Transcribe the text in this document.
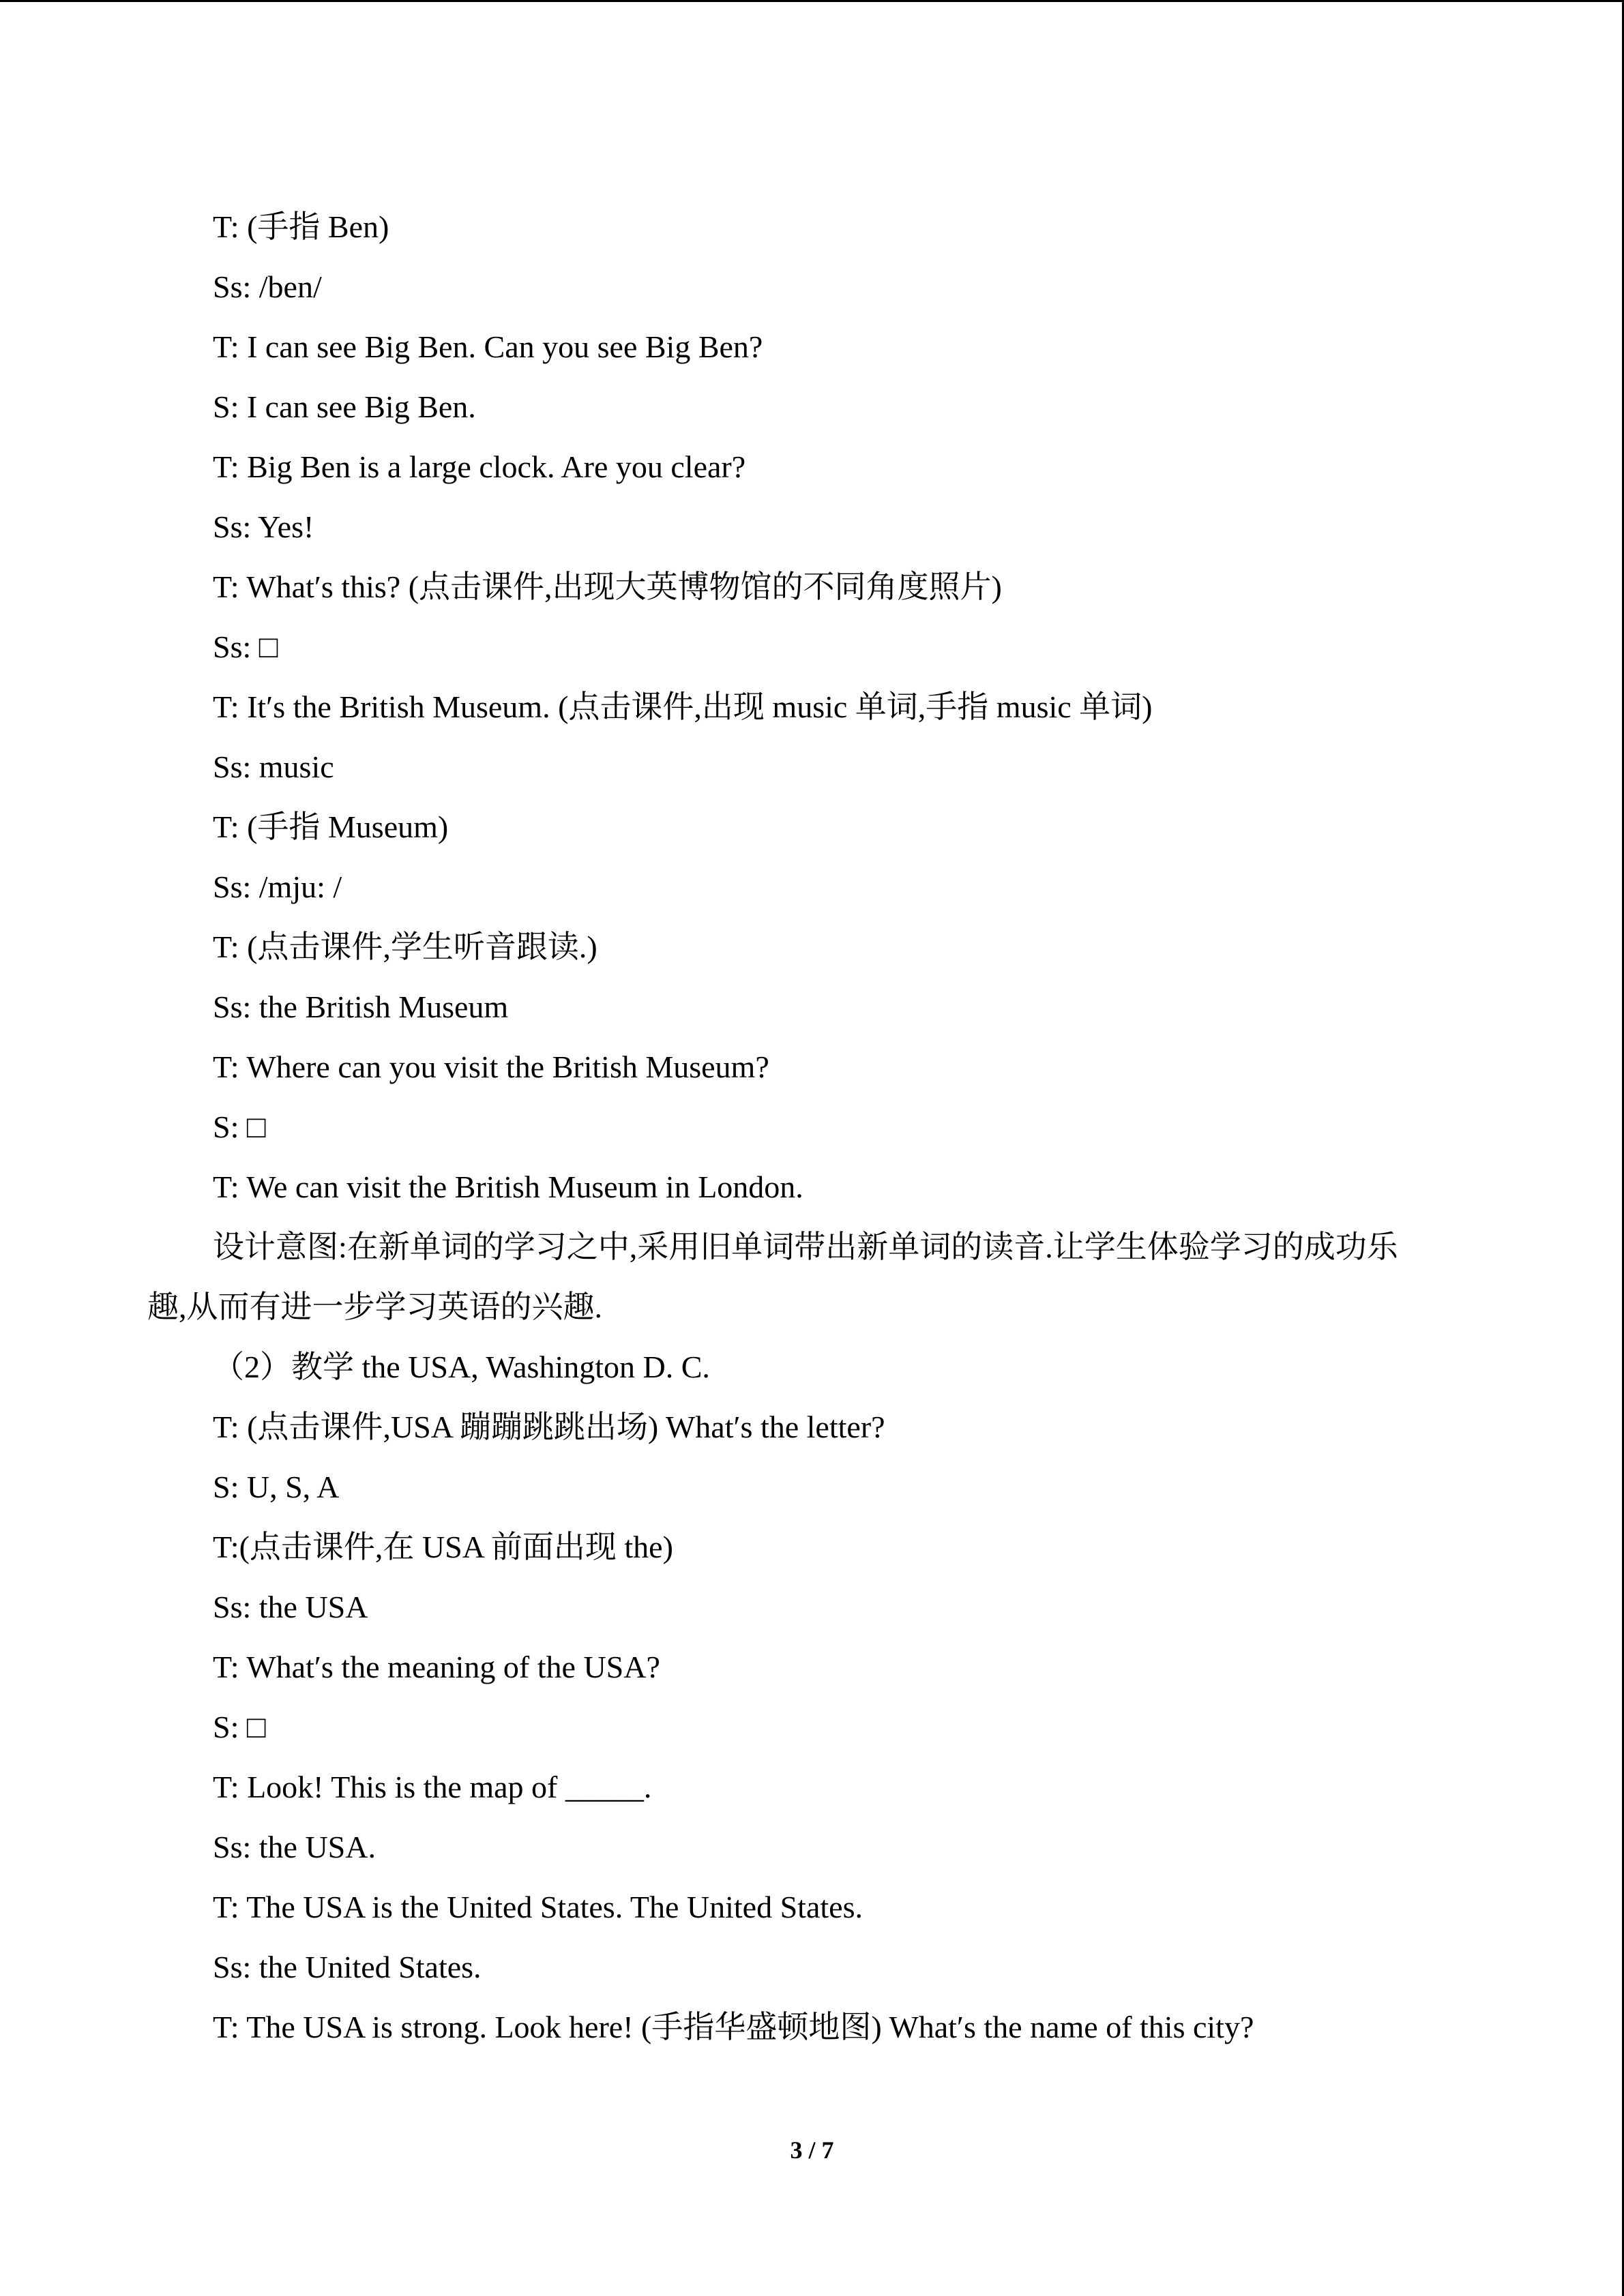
T: (手指 Ben)
Ss: /ben/
T: I can see Big Ben. Can you see Big Ben?
S: I can see Big Ben.
T: Big Ben is a large clock. Are you clear?
Ss: Yes!
T: What′s this? (点击课件,出现大英博物馆的不同角度照片)
Ss: □
T: It′s the British Museum. (点击课件,出现 music 单词,手指 music 单词)
Ss: music
T: (手指 Museum)
Ss: /mju: /
T: (点击课件,学生听音跟读.)
Ss: the British Museum
T: Where can you visit the British Museum?
S: □
T: We can visit the British Museum in London.
设计意图:在新单词的学习之中,采用旧单词带出新单词的读音.让学生体验学习的成功乐
趣,从而有进一步学习英语的兴趣.
（2）教学 the USA, Washington D. C.
T: (点击课件,USA 蹦蹦跳跳出场) What′s the letter?
S: U, S, A
T:(点击课件,在 USA 前面出现 the)
Ss: the USA
T: What′s the meaning of the USA?
S: □
T: Look! This is the map of _____.
Ss: the USA.
T: The USA is the United States. The United States.
Ss: the United States.
T: The USA is strong. Look here! (手指华盛顿地图) What′s the name of this city?
3 / 7
